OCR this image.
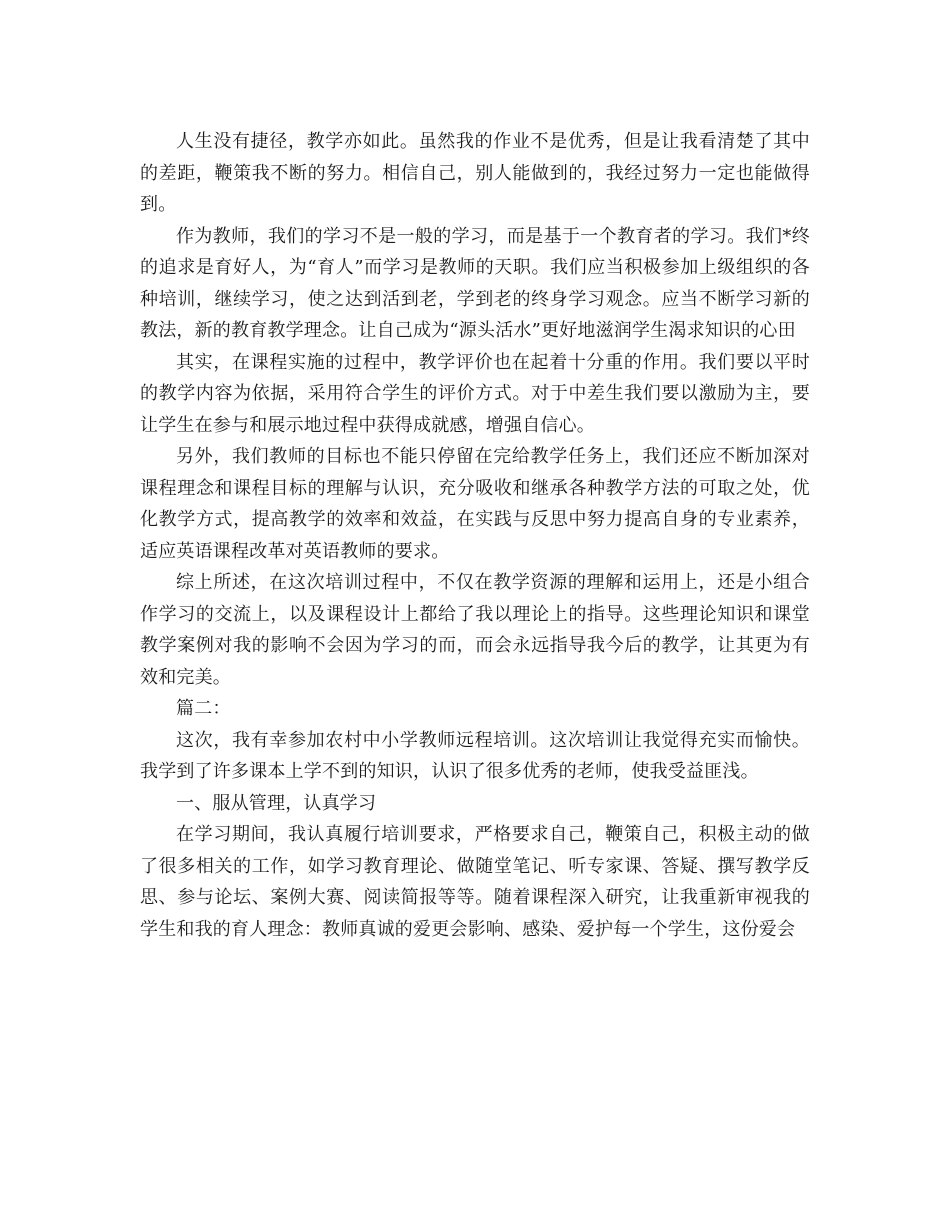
人生没有捷径，教学亦如此。虽然我的作业不是优秀，但是让我看清楚了其中的差距，鞭策我不断的努力。相信自己，别人能做到的，我经过努力一定也能做得到。

作为教师，我们的学习不是一般的学习，而是基于一个教育者的学习。我们*终的追求是育好人，为“育人”而学习是教师的天职。我们应当积极参加上级组织的各种培训，继续学习，使之达到活到老，学到老的终身学习观念。应当不断学习新的教法，新的教育教学理念。让自己成为“源头活水”更好地滋润学生渴求知识的心田

其实，在课程实施的过程中，教学评价也在起着十分重的作用。我们要以平时的教学内容为依据，采用符合学生的评价方式。对于中差生我们要以激励为主，要让学生在参与和展示地过程中获得成就感，增强自信心。

另外，我们教师的目标也不能只停留在完给教学任务上，我们还应不断加深对课程理念和课程目标的理解与认识，充分吸收和继承各种教学方法的可取之处，优化教学方式，提高教学的效率和效益，在实践与反思中努力提高自身的专业素养，适应英语课程改革对英语教师的要求。

综上所述，在这次培训过程中，不仅在教学资源的理解和运用上，还是小组合作学习的交流上，以及课程设计上都给了我以理论上的指导。这些理论知识和课堂教学案例对我的影响不会因为学习的而，而会永远指导我今后的教学，让其更为有效和完美。

篇二：

这次，我有幸参加农村中小学教师远程培训。这次培训让我觉得充实而愉快。我学到了许多课本上学不到的知识，认识了很多优秀的老师，使我受益匪浅。

一、服从管理，认真学习

在学习期间，我认真履行培训要求，严格要求自己，鞭策自己，积极主动的做了很多相关的工作，如学习教育理论、做随堂笔记、听专家课、答疑、撰写教学反思、参与论坛、案例大赛、阅读简报等等。随着课程深入研究，让我重新审视我的学生和我的育人理念：教师真诚的爱更会影响、感染、爱护每一个学生，这份爱会
